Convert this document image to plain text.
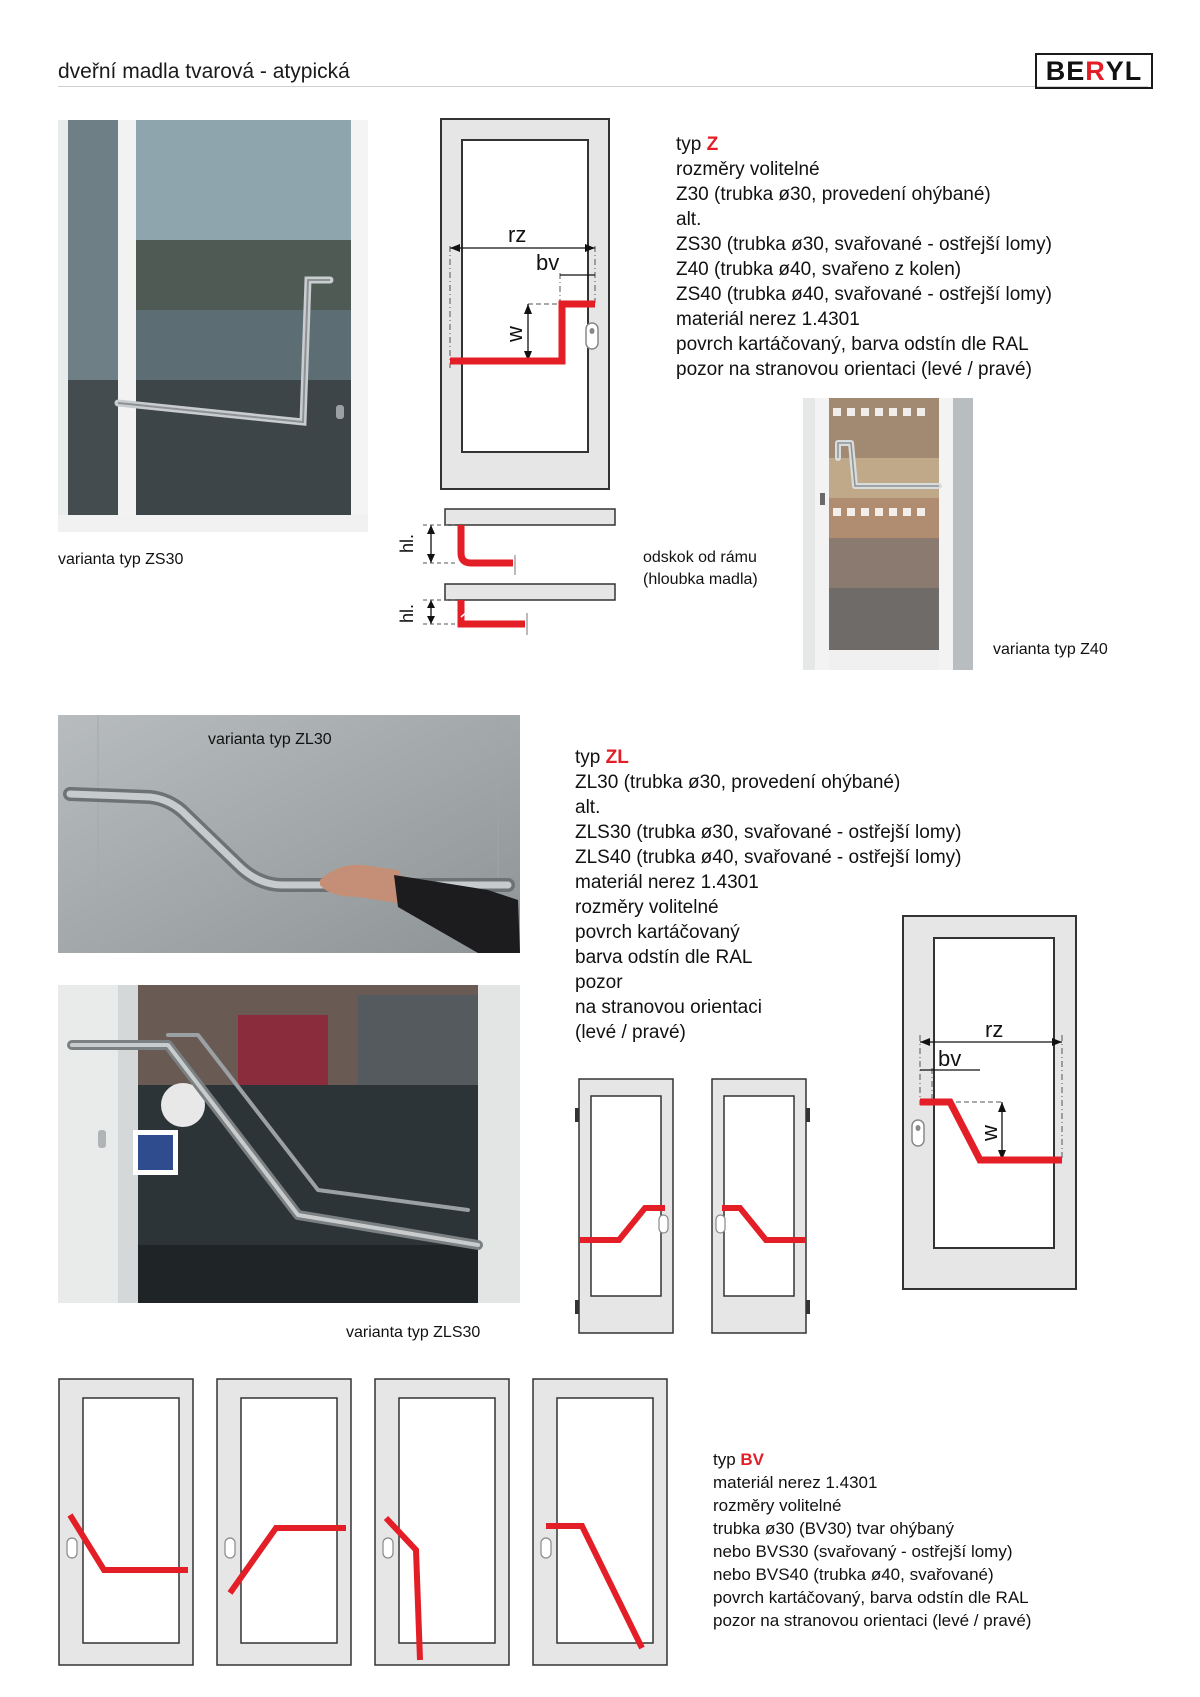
dveřní madla tvarová - atypická	BE R YL
varianta typ ZS30
rz
bv
w
hl.
hl.
odskok od rámu
(hloubka madla)
typ Z
rozměry volitelné
Z30 (trubka ø30, provedení ohýbané)
alt.
ZS30 (trubka ø30, svařované - ostřejší lomy)
Z40 (trubka ø40, svařeno z kolen)
ZS40 (trubka ø40, svařované - ostřejší lomy)
materiál nerez 1.4301
povrch kartáčovaný, barva odstín dle RAL
pozor na stranovou orientaci (levé / pravé)
varianta typ Z40
varianta typ ZL30
varianta typ ZLS30
typ ZL
ZL30 (trubka ø30, provedení ohýbané)
alt.
ZLS30 (trubka ø30, svařované - ostřejší lomy)
ZLS40 (trubka ø40, svařované - ostřejší lomy)
materiál nerez 1.4301
rozměry volitelné
povrch kartáčovaný
barva odstín dle RAL
pozor
na stranovou orientaci
(levé / pravé)	rz
bv
w
typ BV
materiál nerez 1.4301
rozměry volitelné
trubka ø30 (BV30) tvar ohýbaný
nebo BVS30 (svařovaný - ostřejší lomy)
nebo BVS40 (trubka ø40, svařované)
povrch kartáčovaný, barva odstín dle RAL
pozor na stranovou orientaci (levé / pravé)
